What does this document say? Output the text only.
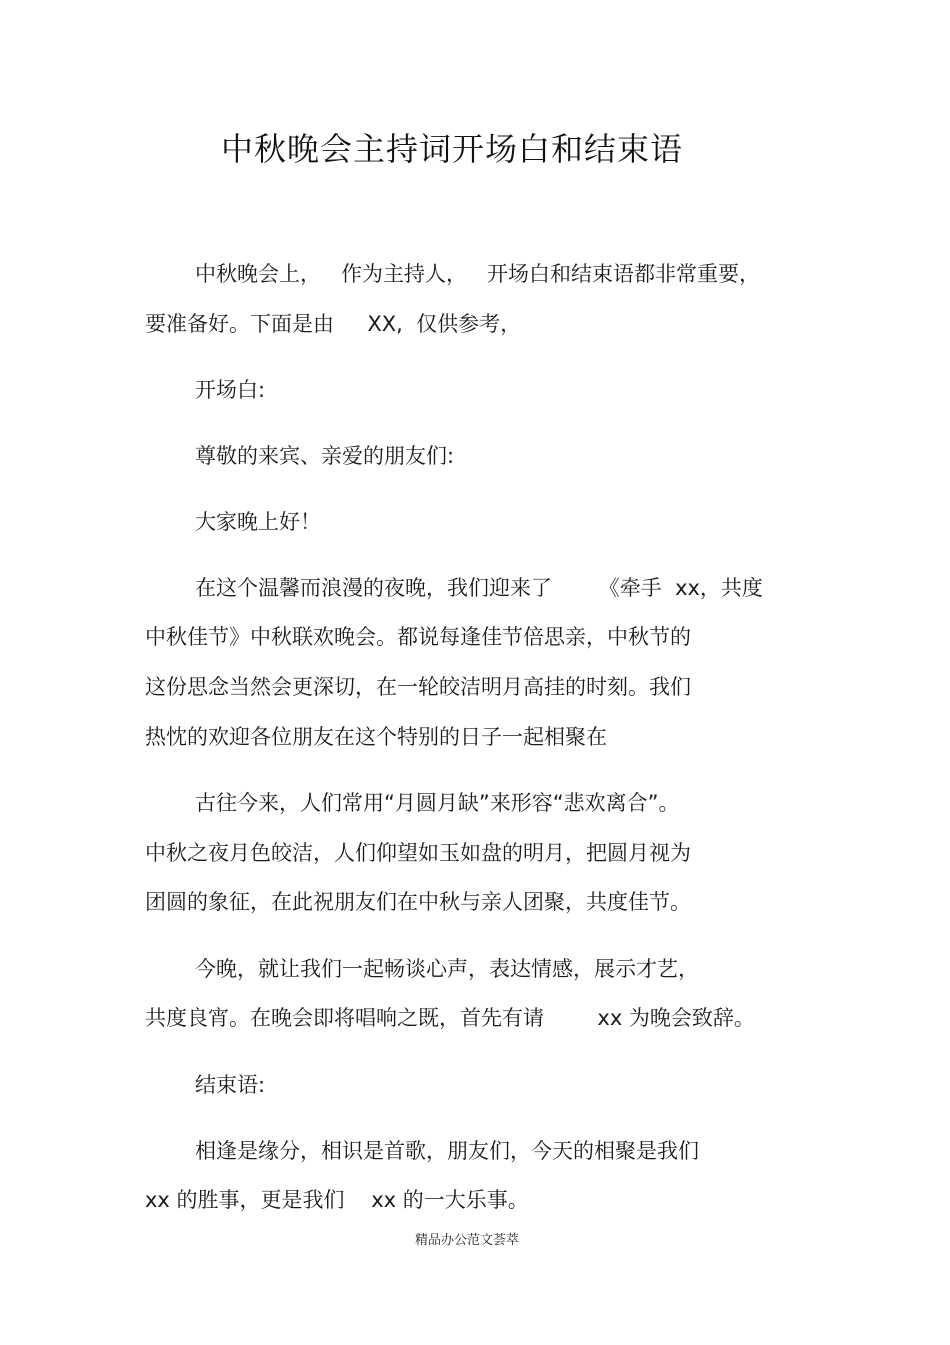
中秋晚会主持词开场白和结束语
中秋晚会上，   作为主持人，   开场白和结束语都非常重要，
要准备好。下面是由     XX,  仅供参考，
开场白:
尊敬的来宾、亲爱的朋友们:
大家晚上好！
在这个温馨而浪漫的夜晚，我们迎来了       《牵手  xx，共度
中秋佳节》中秋联欢晚会。都说每逢佳节倍思亲，中秋节的
这份思念当然会更深切，在一轮皎洁明月高挂的时刻。我们
热忱的欢迎各位朋友在这个特别的日子一起相聚在
古往今来，人们常用“月圆月缺”来形容“悲欢离合”。
中秋之夜月色皎洁，人们仰望如玉如盘的明月，把圆月视为
团圆的象征，在此祝朋友们在中秋与亲人团聚，共度佳节。
今晚，就让我们一起畅谈心声，表达情感，展示才艺，
共度良宵。在晚会即将唱响之既，首先有请        xx 为晚会致辞。
结束语:
相逢是缘分，相识是首歌，朋友们，今天的相聚是我们
xx 的胜事，更是我们    xx 的一大乐事。
精品办公范文荟萃
